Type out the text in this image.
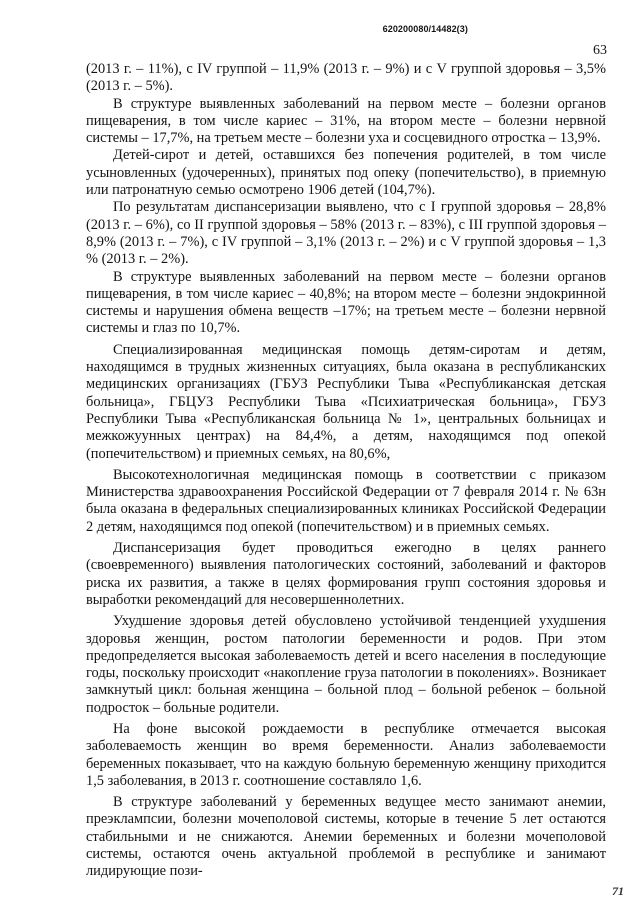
620200080/14482(3)
63

(2013 г. – 11%), с IV группой – 11,9% (2013 г. – 9%) и с V группой здоровья – 3,5% (2013 г. – 5%).

В структуре выявленных заболеваний на первом месте – болезни органов пищеварения, в том числе кариес – 31%, на втором месте – болезни нервной системы – 17,7%, на третьем месте – болезни уха и сосцевидного отростка – 13,9%.

Детей-сирот и детей, оставшихся без попечения родителей, в том числе усыновленных (удочеренных), принятых под опеку (попечительство), в приемную или патронатную семью осмотрено 1906 детей (104,7%).

По результатам диспансеризации выявлено, что с I группой здоровья – 28,8% (2013 г. – 6%), со II группой здоровья – 58% (2013 г. – 83%), с III группой здоровья – 8,9% (2013 г. – 7%), с IV группой – 3,1% (2013 г. – 2%) и с V группой здоровья – 1,3 % (2013 г. – 2%).

В структуре выявленных заболеваний на первом месте – болезни органов пищеварения, в том числе кариес – 40,8%; на втором месте – болезни эндокринной системы и нарушения обмена веществ –17%; на третьем месте – болезни нервной системы и глаз по 10,7%.

Специализированная медицинская помощь детям-сиротам и детям, находящимся в трудных жизненных ситуациях, была оказана в республиканских медицинских организациях (ГБУЗ Республики Тыва «Республиканская детская больница», ГБЦУЗ Республики Тыва «Психиатрическая больница», ГБУЗ Республики Тыва «Республиканская больница № 1», центральных больницах и межкожуунных центрах) на 84,4%, а детям, находящимся под опекой (попечительством) и приемных семьях, на 80,6%,

Высокотехнологичная медицинская помощь в соответствии с приказом Министерства здравоохранения Российской Федерации от 7 февраля 2014 г. № 63н была оказана в федеральных специализированных клиниках Российской Федерации 2 детям, находящимся под опекой (попечительством) и в приемных семьях.

Диспансеризация будет проводиться ежегодно в целях раннего (своевременного) выявления патологических состояний, заболеваний и факторов риска их развития, а также в целях формирования групп состояния здоровья и выработки рекомендаций для несовершеннолетних.

Ухудшение здоровья детей обусловлено устойчивой тенденцией ухудшения здоровья женщин, ростом патологии беременности и родов. При этом предопределяется высокая заболеваемость детей и всего населения в последующие годы, поскольку происходит «накопление груза патологии в поколениях». Возникает замкнутый цикл: больная женщина – больной плод – больной ребенок – больной подросток – больные родители.

На фоне высокой рождаемости в республике отмечается высокая заболеваемость женщин во время беременности. Анализ заболеваемости беременных показывает, что на каждую больную беременную женщину приходится 1,5 заболевания, в 2013 г. соотношение составляло 1,6.

В структуре заболеваний у беременных ведущее место занимают анемии, преэклампсии, болезни мочеполовой системы, которые в течение 5 лет остаются стабильными и не снижаются. Анемии беременных и болезни мочеполовой системы, остаются очень актуальной проблемой в республике и занимают лидирующие пози-

71
